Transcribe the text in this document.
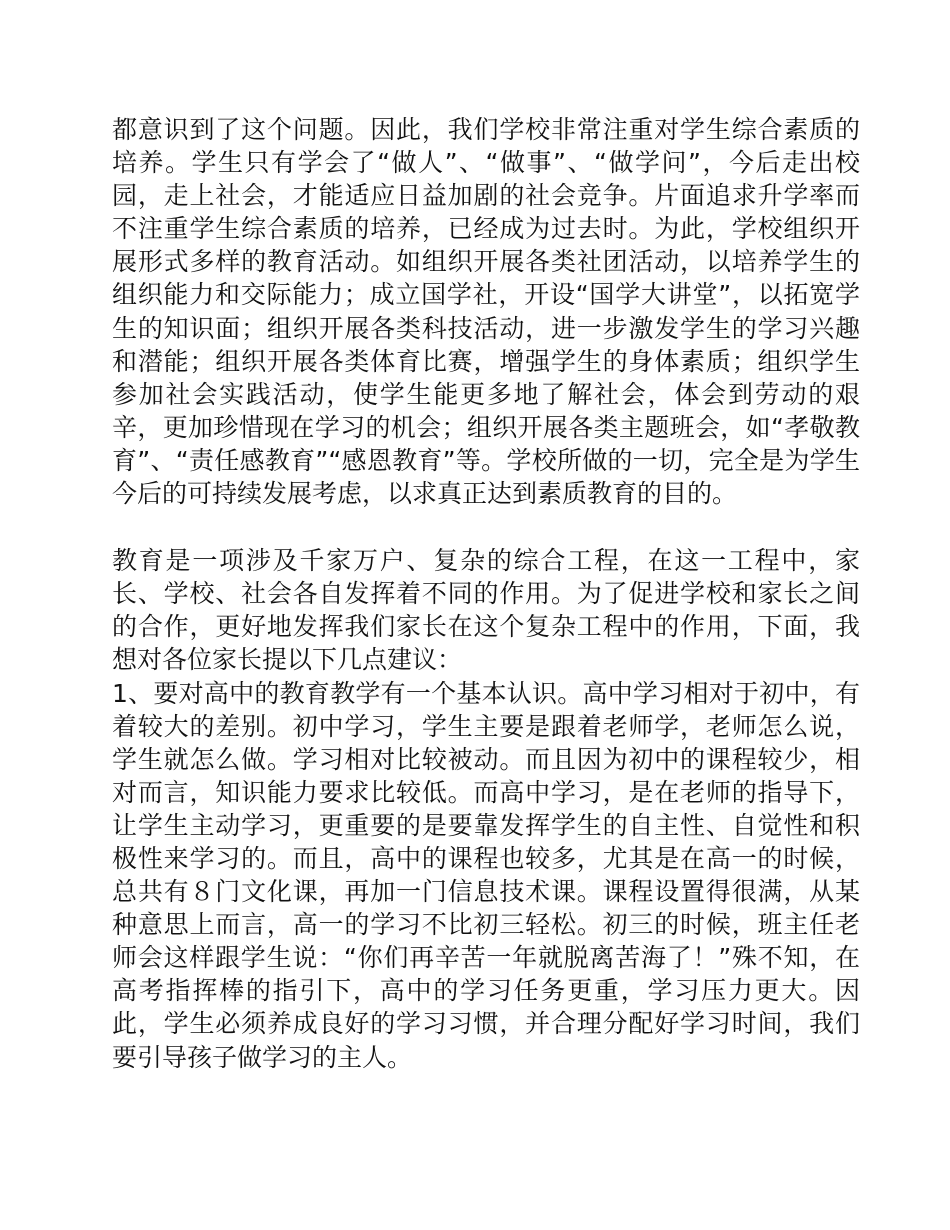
都意识到了这个问题。因此，我们学校非常注重对学生综合素质的培养。学生只有学会了“做人”、“做事”、“做学问”，今后走出校园，走上社会，才能适应日益加剧的社会竞争。片面追求升学率而不注重学生综合素质的培养，已经成为过去时。为此，学校组织开展形式多样的教育活动。如组织开展各类社团活动，以培养学生的组织能力和交际能力；成立国学社，开设“国学大讲堂”，以拓宽学生的知识面；组织开展各类科技活动，进一步激发学生的学习兴趣和潜能；组织开展各类体育比赛，增强学生的身体素质；组织学生参加社会实践活动，使学生能更多地了解社会，体会到劳动的艰辛，更加珍惜现在学习的机会；组织开展各类主题班会，如“孝敬教育”、“责任感教育”“感恩教育”等。学校所做的一切，完全是为学生今后的可持续发展考虑，以求真正达到素质教育的目的。

教育是一项涉及千家万户、复杂的综合工程，在这一工程中，家长、学校、社会各自发挥着不同的作用。为了促进学校和家长之间的合作，更好地发挥我们家长在这个复杂工程中的作用，下面，我想对各位家长提以下几点建议：

1、要对高中的教育教学有一个基本认识。高中学习相对于初中，有着较大的差别。初中学习，学生主要是跟着老师学，老师怎么说，学生就怎么做。学习相对比较被动。而且因为初中的课程较少，相对而言，知识能力要求比较低。而高中学习，是在老师的指导下，让学生主动学习，更重要的是要靠发挥学生的自主性、自觉性和积极性来学习的。而且，高中的课程也较多，尤其是在高一的时候，总共有８门文化课，再加一门信息技术课。课程设置得很满，从某种意思上而言，高一的学习不比初三轻松。初三的时候，班主任老师会这样跟学生说：“你们再辛苦一年就脱离苦海了！”殊不知，在高考指挥棒的指引下，高中的学习任务更重，学习压力更大。因此，学生必须养成良好的学习习惯，并合理分配好学习时间，我们要引导孩子做学习的主人。
